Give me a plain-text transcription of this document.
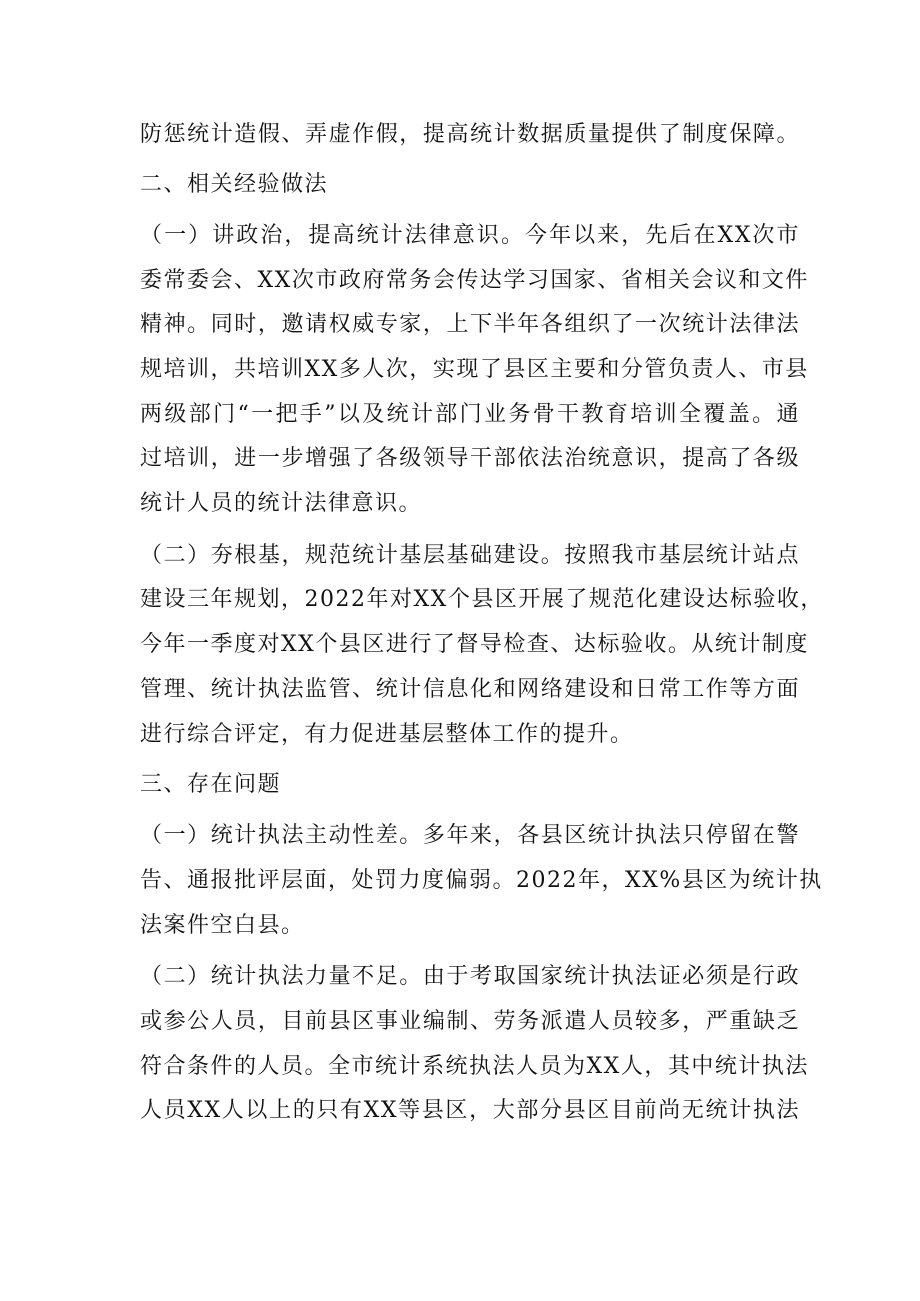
防惩统计造假、弄虚作假，提高统计数据质量提供了制度保障。
二、相关经验做法
（一）讲政治，提高统计法律意识。今年以来，先后在XX次市
委常委会、XX次市政府常务会传达学习国家、省相关会议和文件
精神。同时，邀请权威专家，上下半年各组织了一次统计法律法
规培训，共培训XX多人次，实现了县区主要和分管负责人、市县
两级部门“一把手”以及统计部门业务骨干教育培训全覆盖。通
过培训，进一步增强了各级领导干部依法治统意识，提高了各级
统计人员的统计法律意识。
（二）夯根基，规范统计基层基础建设。按照我市基层统计站点
建设三年规划，2022年对XX个县区开展了规范化建设达标验收，
今年一季度对XX个县区进行了督导检查、达标验收。从统计制度
管理、统计执法监管、统计信息化和网络建设和日常工作等方面
进行综合评定，有力促进基层整体工作的提升。
三、存在问题
（一）统计执法主动性差。多年来，各县区统计执法只停留在警
告、通报批评层面，处罚力度偏弱。2022年，XX%县区为统计执
法案件空白县。
（二）统计执法力量不足。由于考取国家统计执法证必须是行政
或参公人员，目前县区事业编制、劳务派遣人员较多，严重缺乏
符合条件的人员。全市统计系统执法人员为XX人，其中统计执法
人员XX人以上的只有XX等县区，大部分县区目前尚无统计执法
